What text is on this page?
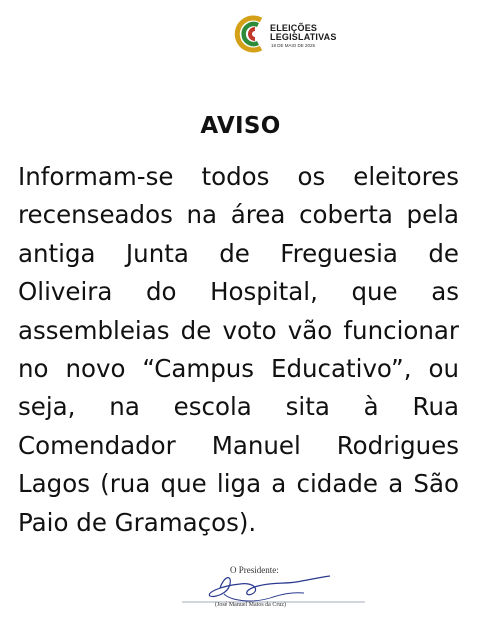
ELEIÇÕES
LEGISLATIVAS
18 DE MAIO DE 2025
AVISO
Informam-se todos os eleitores recenseados na área coberta pela antiga Junta de Freguesia de Oliveira do Hospital, que as assembleias de voto vão funcionar no novo “Campus Educativo”, ou seja, na escola sita à Rua Comendador Manuel Rodrigues Lagos (rua que liga a cidade a São Paio de Gramaços).
O Presidente:
(José Manuel Matos da Cruz)
